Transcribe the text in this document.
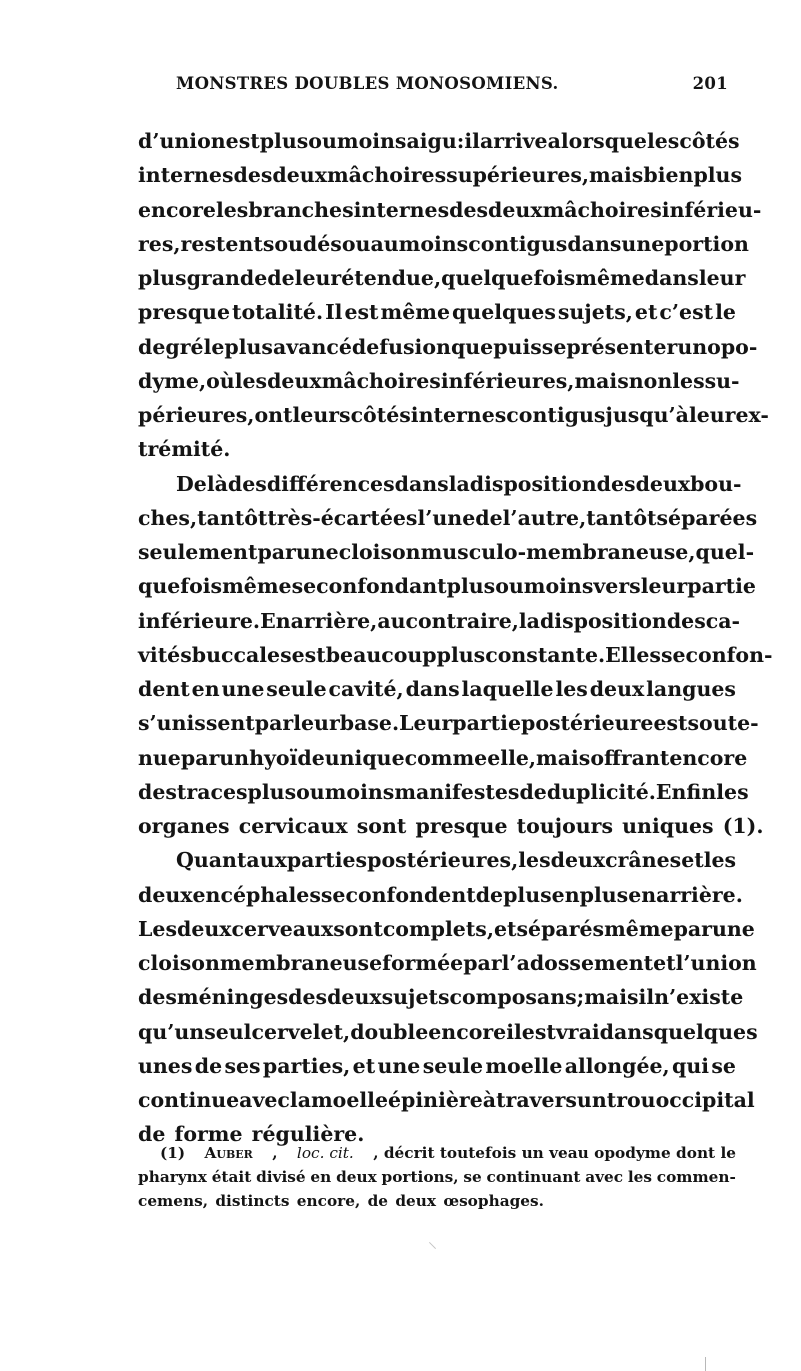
MONSTRES DOUBLES MONOSOMIENS.	201
d’union est plus ou moins aigu : il arrive alors que les côtés
internes des deux mâchoires supérieures, mais bien plus
encore les branches internes des deux mâchoires inférieu-
res, restent soudés ou au moins contigus dans une portion
plus grande de leur étendue, quelquefois même dans leur
presque totalité. Il est même quelques sujets, et c’est le
degré le plus avancé de fusion que puisse présenter un opo-
dyme, où les deux mâchoires inférieures, mais non les su-
périeures, ont leurs côtés internes contigus jusqu’à leur ex-
trémité.
De là des différences dans la disposition des deux bou-
ches, tantôt très-écartées l’une de l’autre, tantôt séparées
seulement par une cloison musculo-membraneuse, quel-
quefois même se confondant plus ou moins vers leur partie
inférieure. En arrière, au contraire, la disposition des ca-
vités buccales est beaucoup plus constante. Elles se confon-
dent en une seule cavité, dans laquelle les deux langues
s’unissent par leur base. Leur partie postérieure est soute-
nue par un hyoïde unique comme elle, mais offrant encore
des traces plus ou moins manifestes de duplicité. Enfin les
organes cervicaux sont presque toujours uniques (1).
Quant aux parties postérieures, les deux crânes et les
deux encéphales se confondent de plus en plus en arrière.
Les deux cerveaux sont complets, et séparés même par une
cloison membraneuse formée par l’adossement et l’union
des méninges des deux sujets composans; mais il n’existe
qu’un seul cervelet, double encore il est vrai dans quelques
unes de ses parties, et une seule moelle allongée, qui se
continue avec la moelle épinière à travers un trou occipital
de forme régulière.
(1) Auber , loc. cit. , décrit toutefois un veau opodyme dont le
pharynx était divisé en deux portions, se continuant avec les commen-
cemens, distincts encore, de deux œsophages.
